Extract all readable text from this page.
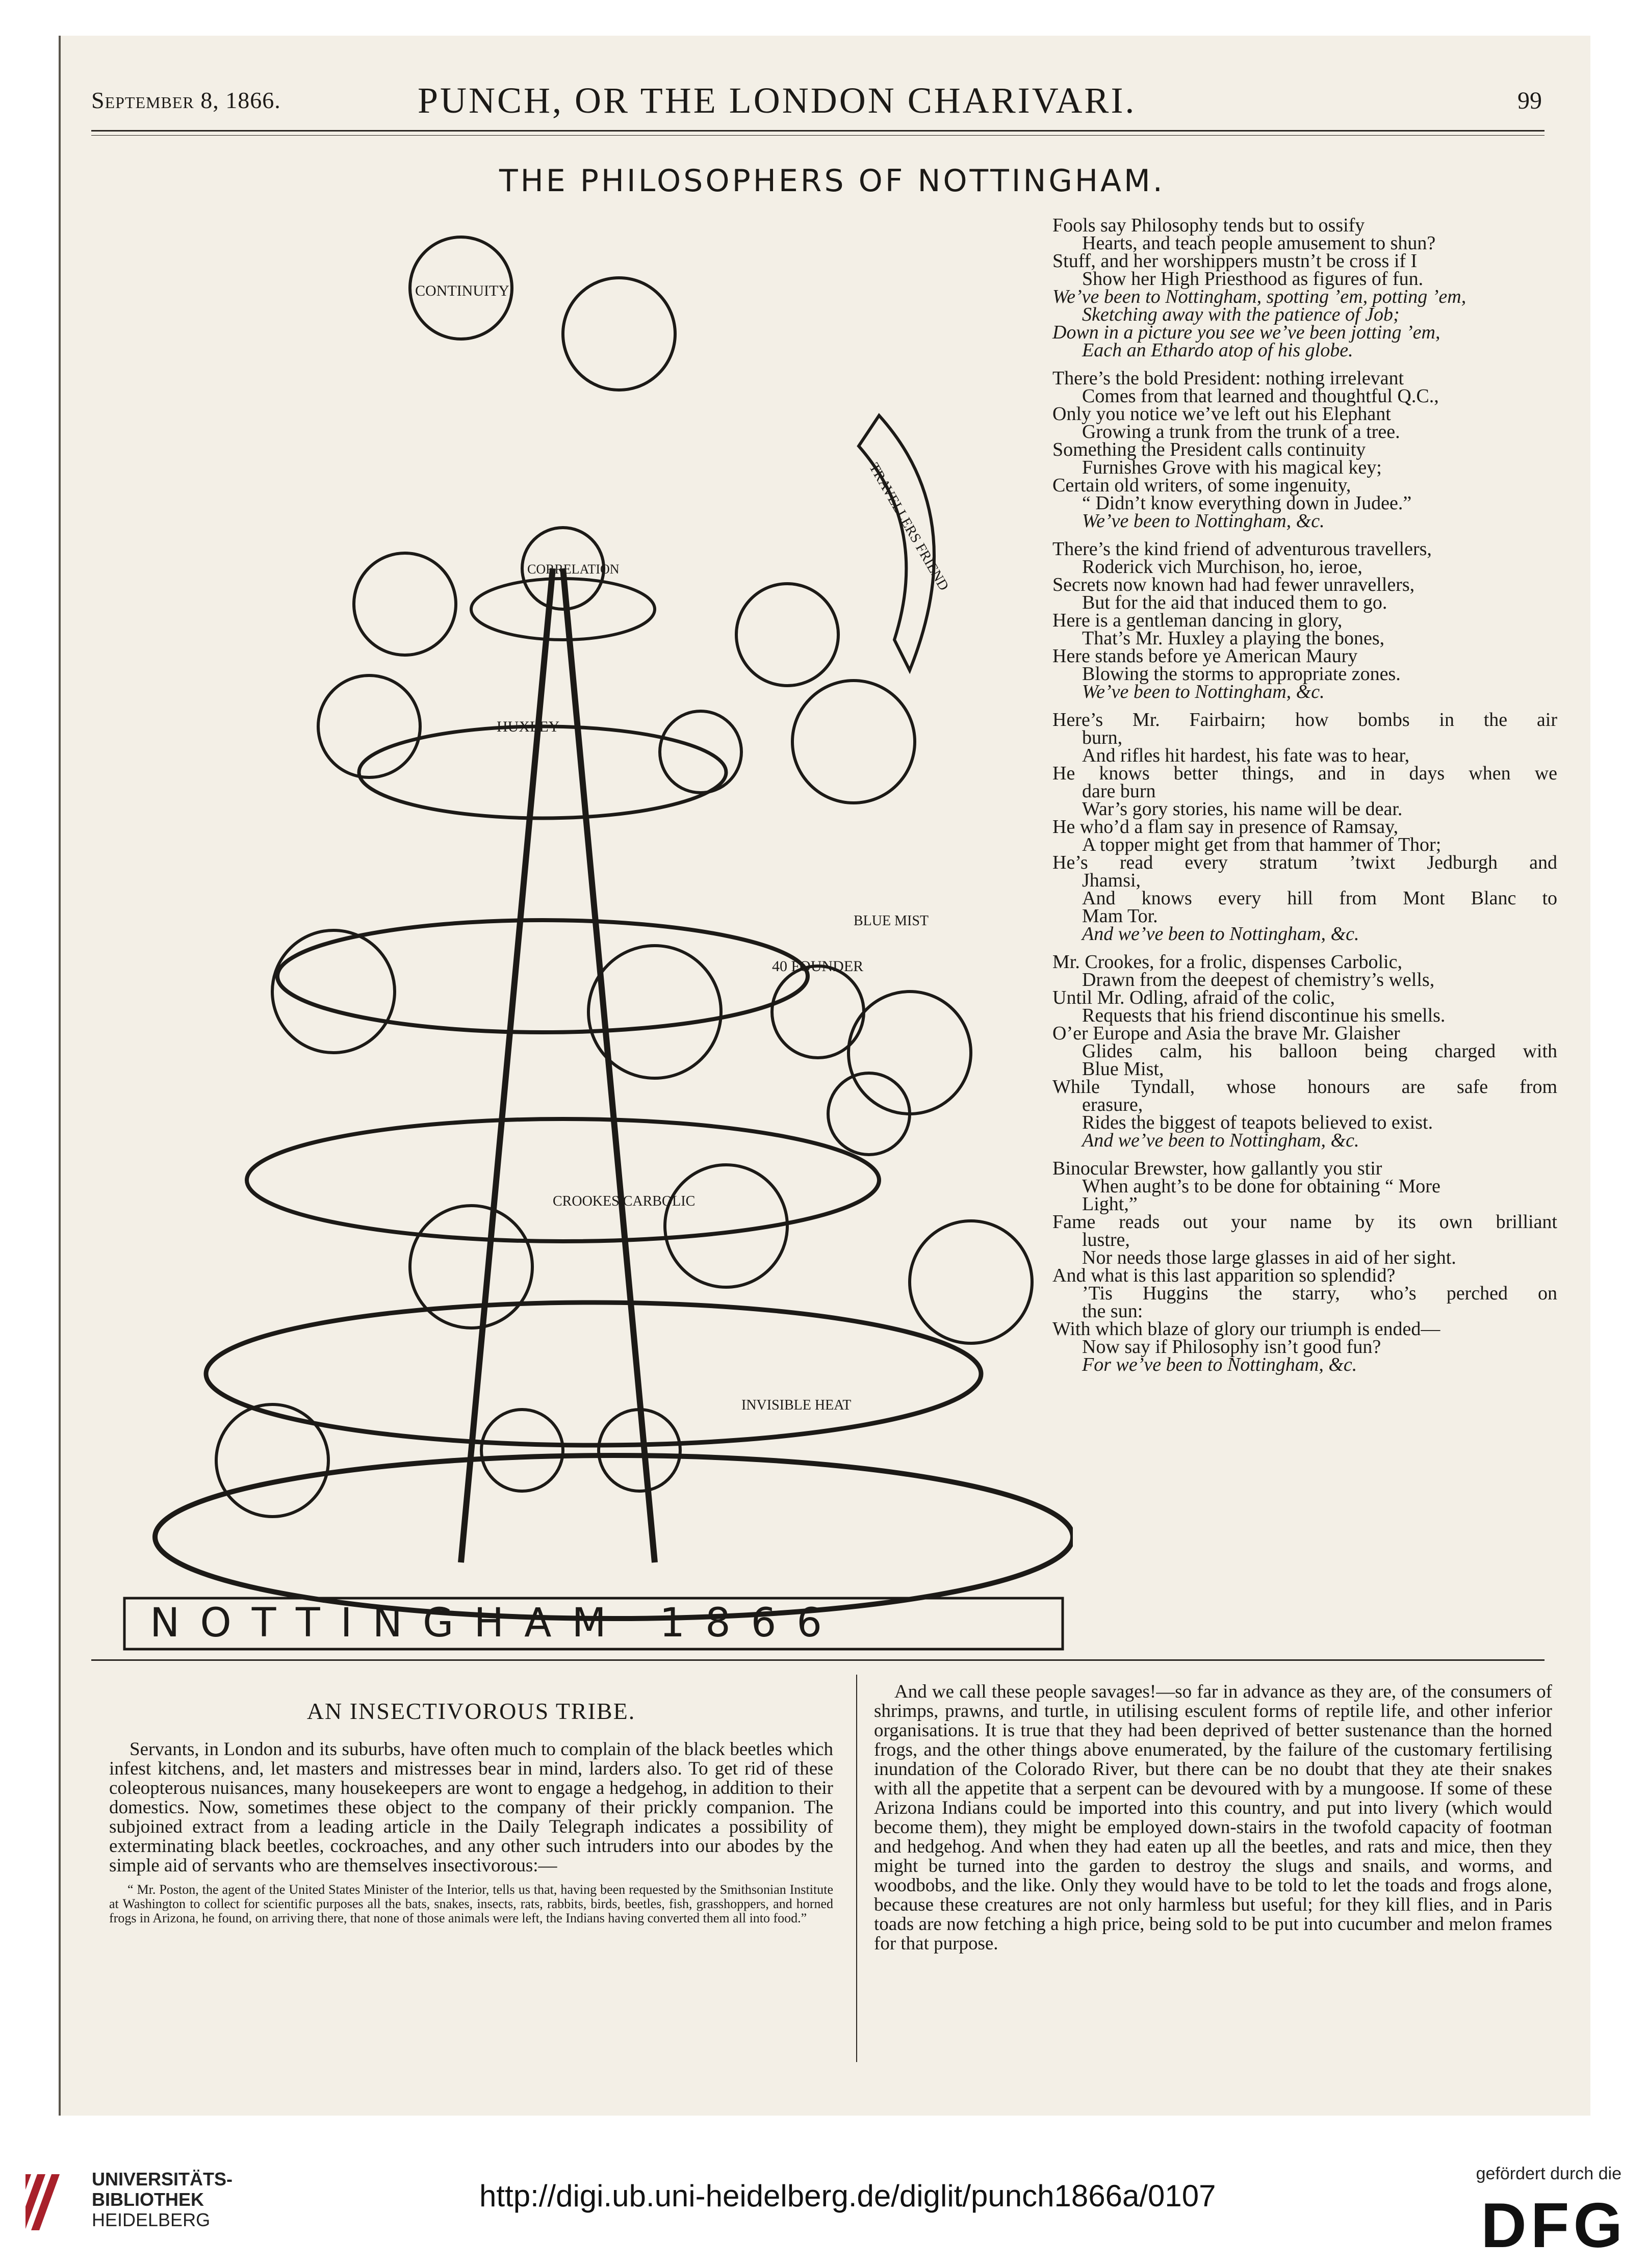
September 8, 1866.	PUNCH, OR THE LONDON CHARIVARI.	99
THE PHILOSOPHERS OF NOTTINGHAM.
CONTINUITY
CORRELATION	TRAVELLERS FRIEND
HUXLEY
40 FOUNDER
BLUE MIST
CROOKES CARBOLIC
INVISIBLE HEAT
NOTTINGHAM 1866
Fools say Philosophy tends but to ossify
Hearts, and teach people amusement to shun?
Stuff, and her worshippers mustn’t be cross if I
Show her High Priesthood as figures of fun.
We’ve been to Nottingham, spotting ’em, potting ’em,
Sketching away with the patience of Job;
Down in a picture you see we’ve been jotting ’em,
Each an Ethardo atop of his globe.
There’s the bold President: nothing irrelevant
Comes from that learned and thoughtful Q.C.,
Only you notice we’ve left out his Elephant
Growing a trunk from the trunk of a tree.
Something the President calls continuity
Furnishes Grove with his magical key;
Certain old writers, of some ingenuity,
“ Didn’t know everything down in Judee.”
We’ve been to Nottingham, &c.
There’s the kind friend of adventurous travellers,
Roderick vich Murchison, ho, ieroe,
Secrets now known had had fewer unravellers,
But for the aid that induced them to go.
Here is a gentleman dancing in glory,
That’s Mr. Huxley a playing the bones,
Here stands before ye American Maury
Blowing the storms to appropriate zones.
We’ve been to Nottingham, &c.
Here’s Mr. Fairbairn; how bombs in the air
burn,
And rifles hit hardest, his fate was to hear,
He knows better things, and in days when we
dare burn
War’s gory stories, his name will be dear.
He who’d a flam say in presence of Ramsay,
A topper might get from that hammer of Thor;
He’s read every stratum ’twixt Jedburgh and
Jhamsi,
And knows every hill from Mont Blanc to
Mam Tor.
And we’ve been to Nottingham, &c.
Mr. Crookes, for a frolic, dispenses Carbolic,
Drawn from the deepest of chemistry’s wells,
Until Mr. Odling, afraid of the colic,
Requests that his friend discontinue his smells.
O’er Europe and Asia the brave Mr. Glaisher
Glides calm, his balloon being charged with
Blue Mist,
While Tyndall, whose honours are safe from
erasure,
Rides the biggest of teapots believed to exist.
And we’ve been to Nottingham, &c.
Binocular Brewster, how gallantly you stir
When aught’s to be done for obtaining “ More
Light,”
Fame reads out your name by its own brilliant
lustre,
Nor needs those large glasses in aid of her sight.
And what is this last apparition so splendid?
’Tis Huggins the starry, who’s perched on
the sun:
With which blaze of glory our triumph is ended—
Now say if Philosophy isn’t good fun?
For we’ve been to Nottingham, &c.
AN INSECTIVOROUS TRIBE.

Servants, in London and its suburbs, have often much to complain of the black beetles which infest kitchens, and, let masters and mistresses bear in mind, larders also. To get rid of these coleopterous nuisances, many housekeepers are wont to engage a hedgehog, in addition to their domestics. Now, sometimes these object to the company of their prickly companion. The subjoined extract from a leading article in the Daily Telegraph indicates a possibility of exterminating black beetles, cockroaches, and any other such intruders into our abodes by the simple aid of servants who are themselves insectivorous:—

“ Mr. Poston, the agent of the United States Minister of the Interior, tells us that, having been requested by the Smithsonian Institute at Washington to collect for scientific purposes all the bats, snakes, insects, rats, rabbits, birds, beetles, fish, grasshoppers, and horned frogs in Arizona, he found, on arriving there, that none of those animals were left, the Indians having converted them all into food.”

And we call these people savages!—so far in advance as they are, of the consumers of shrimps, prawns, and turtle, in utilising esculent forms of reptile life, and other inferior organisations. It is true that they had been deprived of better sustenance than the horned frogs, and the other things above enumerated, by the failure of the customary fertilising inundation of the Colorado River, but there can be no doubt that they ate their snakes with all the appetite that a serpent can be devoured with by a mungoose. If some of these Arizona Indians could be imported into this country, and put into livery (which would become them), they might be employed down-stairs in the twofold capacity of footman and hedgehog. And when they had eaten up all the beetles, and rats and mice, then they might be turned into the garden to destroy the slugs and snails, and worms, and woodbobs, and the like. Only they would have to be told to let the toads and frogs alone, because these creatures are not only harmless but useful; for they kill flies, and in Paris toads are now fetching a high price, being sold to be put into cucumber and melon frames for that purpose.

UNIVERSITÄTS-
BIBLIOTHEK
HEIDELBERG
http://digi.ub.uni-heidelberg.de/diglit/punch1866a/0107
gefördert durch die
DFG
